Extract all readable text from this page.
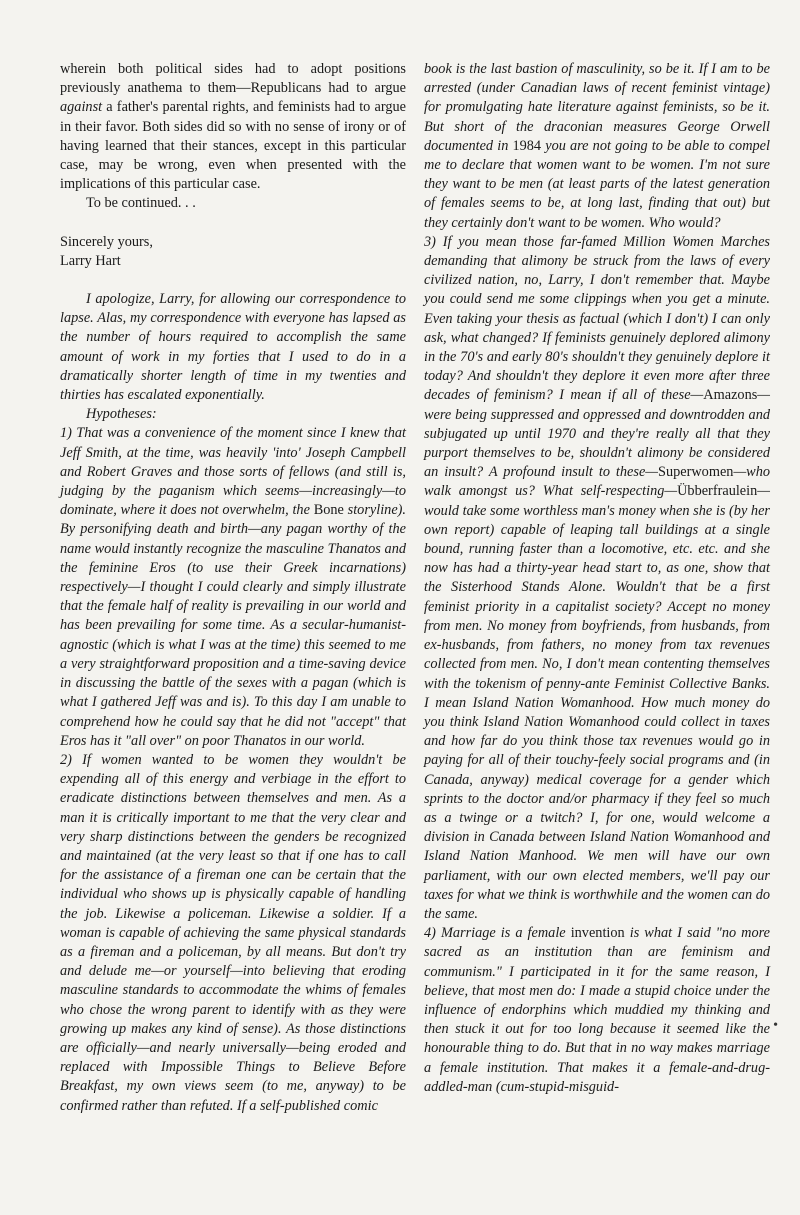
wherein both political sides had to adopt positions previously anathema to them—Republicans had to argue against a father's parental rights, and feminists had to argue in their favor. Both sides did so with no sense of irony or of having learned that their stances, except in this particular case, may be wrong, even when presented with the implications of this particular case.

To be continued. . .

Sincerely yours,

Larry Hart

I apologize, Larry, for allowing our correspondence to lapse. Alas, my correspondence with everyone has lapsed as the number of hours required to accomplish the same amount of work in my forties that I used to do in a dramatically shorter length of time in my twenties and thirties has escalated exponentially.

Hypotheses:

1) That was a convenience of the moment since I knew that Jeff Smith, at the time, was heavily 'into' Joseph Campbell and Robert Graves and those sorts of fellows (and still is, judging by the paganism which seems—increasingly—to dominate, where it does not overwhelm, the Bone storyline). By personifying death and birth—any pagan worthy of the name would instantly recognize the masculine Thanatos and the feminine Eros (to use their Greek incarnations) respectively—I thought I could clearly and simply illustrate that the female half of reality is prevailing in our world and has been prevailing for some time. As a secular-humanist-agnostic (which is what I was at the time) this seemed to me a very straightforward proposition and a time-saving device in discussing the battle of the sexes with a pagan (which is what I gathered Jeff was and is). To this day I am unable to comprehend how he could say that he did not "accept" that Eros has it "all over" on poor Thanatos in our world.

2) If women wanted to be women they wouldn't be expending all of this energy and verbiage in the effort to eradicate distinctions between themselves and men. As a man it is critically important to me that the very clear and very sharp distinctions between the genders be recognized and maintained (at the very least so that if one has to call for the assistance of a fireman one can be certain that the individual who shows up is physically capable of handling the job. Likewise a policeman. Likewise a soldier. If a woman is capable of achieving the same physical standards as a fireman and a policeman, by all means. But don't try and delude me—or yourself—into believing that eroding masculine standards to accommodate the whims of females who chose the wrong parent to identify with as they were growing up makes any kind of sense). As those distinctions are officially—and nearly universally—being eroded and replaced with Impossible Things to Believe Before Breakfast, my own views seem (to me, anyway) to be confirmed rather than refuted. If a self-published comic

book is the last bastion of masculinity, so be it. If I am to be arrested (under Canadian laws of recent feminist vintage) for promulgating hate literature against feminists, so be it. But short of the draconian measures George Orwell documented in 1984 you are not going to be able to compel me to declare that women want to be women. I'm not sure they want to be men (at least parts of the latest generation of females seems to be, at long last, finding that out) but they certainly don't want to be women. Who would?

3) If you mean those far-famed Million Women Marches demanding that alimony be struck from the laws of every civilized nation, no, Larry, I don't remember that. Maybe you could send me some clippings when you get a minute. Even taking your thesis as factual (which I don't) I can only ask, what changed? If feminists genuinely deplored alimony in the 70's and early 80's shouldn't they genuinely deplore it today? And shouldn't they deplore it even more after three decades of feminism? I mean if all of these—Amazons—were being suppressed and oppressed and downtrodden and subjugated up until 1970 and they're really all that they purport themselves to be, shouldn't alimony be considered an insult? A profound insult to these—Superwomen—who walk amongst us? What self-respecting—Übberfraulein—would take some worthless man's money when she is (by her own report) capable of leaping tall buildings at a single bound, running faster than a locomotive, etc. etc. and she now has had a thirty-year head start to, as one, show that the Sisterhood Stands Alone. Wouldn't that be a first feminist priority in a capitalist society? Accept no money from men. No money from boyfriends, from husbands, from ex-husbands, from fathers, no money from tax revenues collected from men. No, I don't mean contenting themselves with the tokenism of penny-ante Feminist Collective Banks. I mean Island Nation Womanhood. How much money do you think Island Nation Womanhood could collect in taxes and how far do you think those tax revenues would go in paying for all of their touchy-feely social programs and (in Canada, anyway) medical coverage for a gender which sprints to the doctor and/or pharmacy if they feel so much as a twinge or a twitch? I, for one, would welcome a division in Canada between Island Nation Womanhood and Island Nation Manhood. We men will have our own parliament, with our own elected members, we'll pay our taxes for what we think is worthwhile and the women can do the same.

4) Marriage is a female invention is what I said "no more sacred as an institution than are feminism and communism." I participated in it for the same reason, I believe, that most men do: I made a stupid choice under the influence of endorphins which muddied my thinking and then stuck it out for too long because it seemed like the honourable thing to do. But that in no way makes marriage a female institution. That makes it a female-and-drug-addled-man (cum-stupid-misguid-

•
